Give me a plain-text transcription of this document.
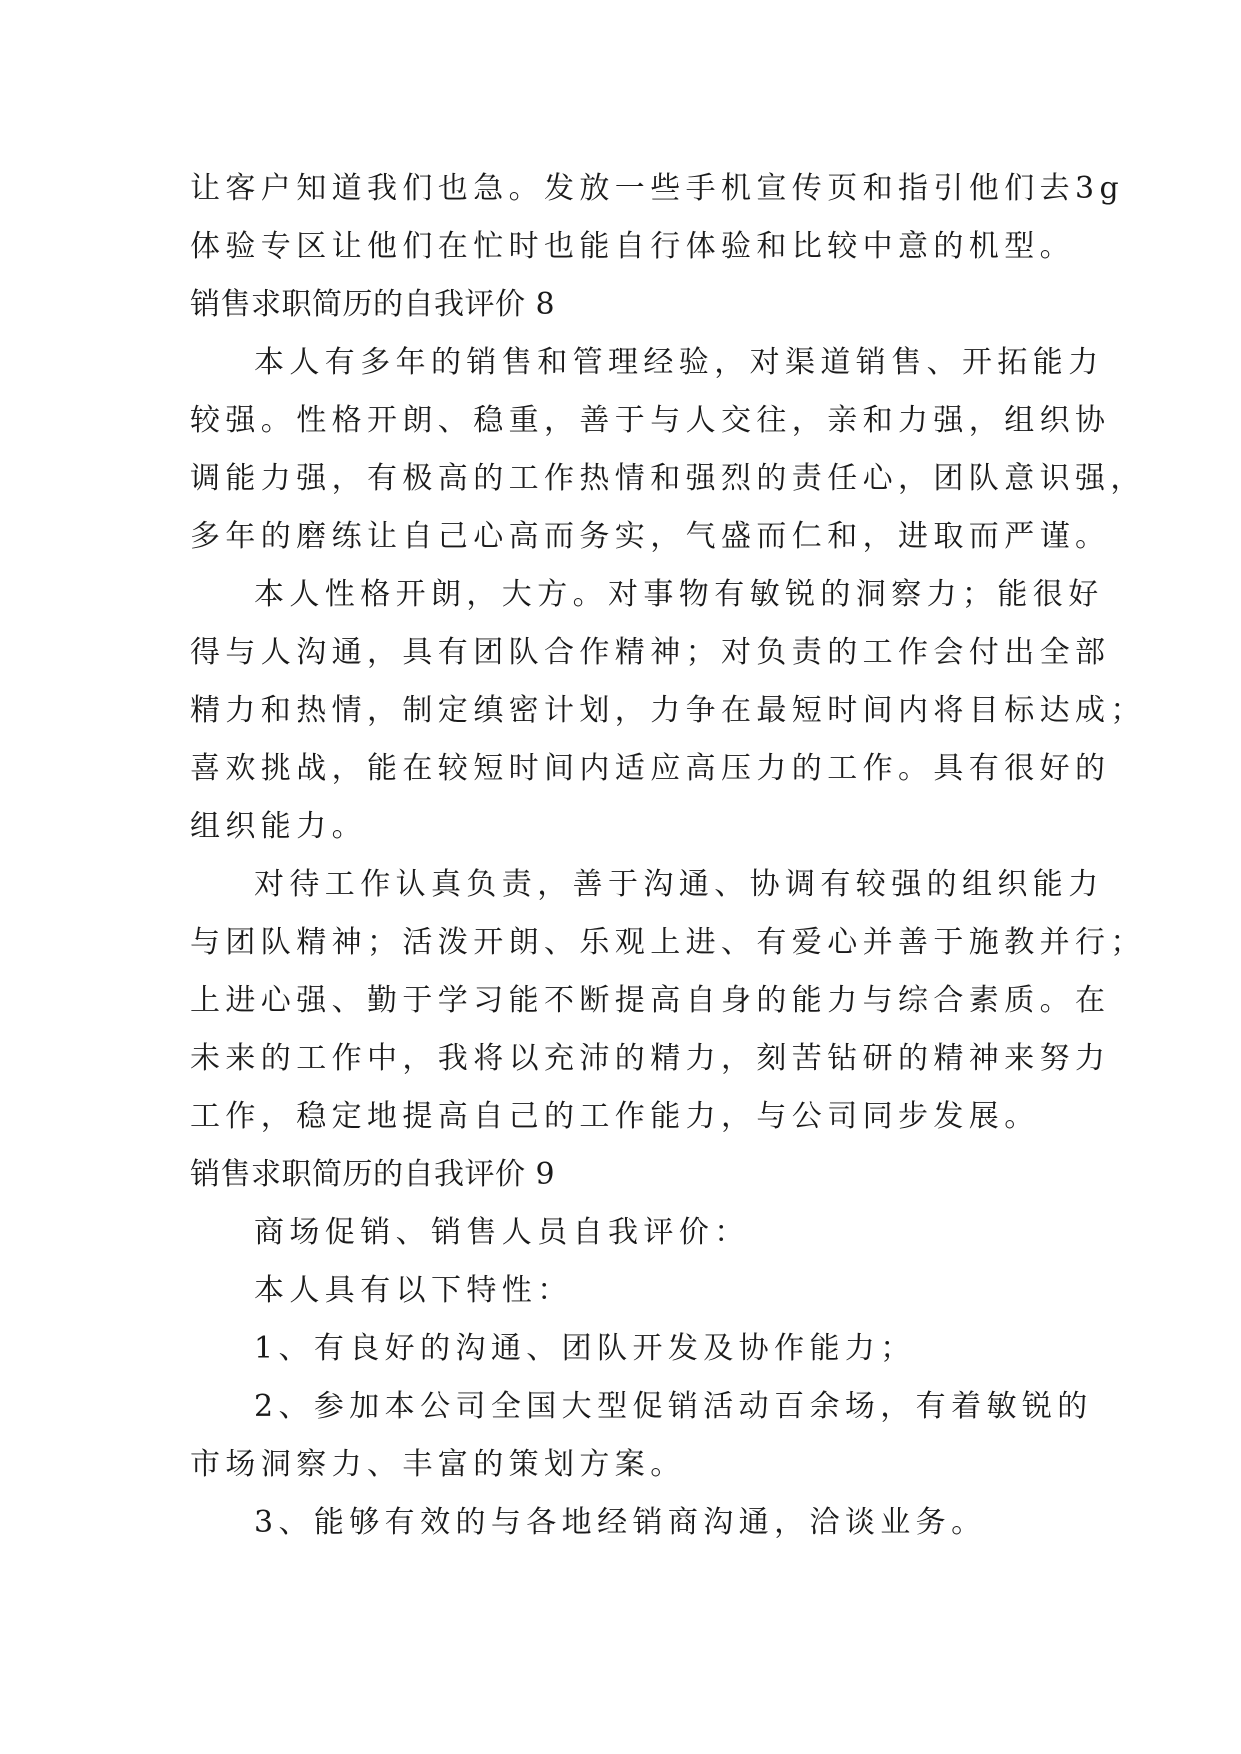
让客户知道我们也急。发放一些手机宣传页和指引他们去3g
体验专区让他们在忙时也能自行体验和比较中意的机型。
销售求职简历的自我评价 8
本人有多年的销售和管理经验，对渠道销售、开拓能力
较强。性格开朗、稳重，善于与人交往，亲和力强，组织协
调能力强，有极高的工作热情和强烈的责任心，团队意识强，
多年的磨练让自己心高而务实，气盛而仁和，进取而严谨。
本人性格开朗，大方。对事物有敏锐的洞察力；能很好
得与人沟通，具有团队合作精神；对负责的工作会付出全部
精力和热情，制定缜密计划，力争在最短时间内将目标达成；
喜欢挑战，能在较短时间内适应高压力的工作。具有很好的
组织能力。
对待工作认真负责，善于沟通、协调有较强的组织能力
与团队精神；活泼开朗、乐观上进、有爱心并善于施教并行；
上进心强、勤于学习能不断提高自身的能力与综合素质。在
未来的工作中，我将以充沛的精力，刻苦钻研的精神来努力
工作，稳定地提高自己的工作能力，与公司同步发展。
销售求职简历的自我评价 9
商场促销、销售人员自我评价：
本人具有以下特性：
1、有良好的沟通、团队开发及协作能力；
2、参加本公司全国大型促销活动百余场，有着敏锐的
市场洞察力、丰富的策划方案。
3、能够有效的与各地经销商沟通，洽谈业务。
